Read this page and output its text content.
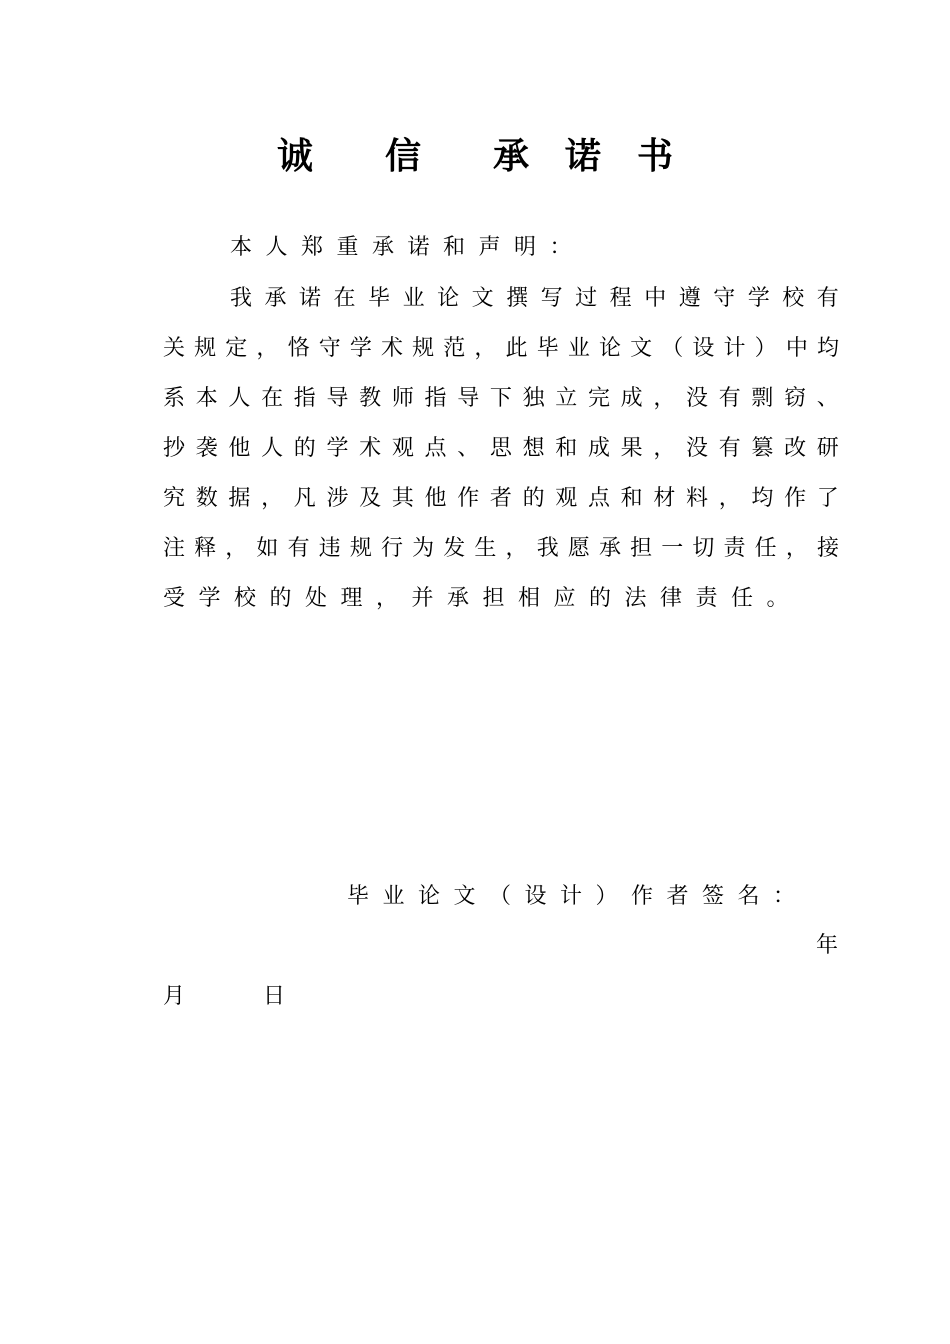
诚　　信　　承　诺　书
本人郑重承诺和声明：
我 承 诺 在 毕 业 论 文 撰 写 过 程 中 遵 守 学 校 有
关 规 定 ， 恪 守 学 术 规 范 ， 此 毕 业 论 文 （ 设 计 ） 中 均
系 本 人 在 指 导 教 师 指 导 下 独 立 完 成 ， 没 有 剽 窃 、
抄 袭 他 人 的 学 术 观 点 、 思 想 和 成 果 ， 没 有 篡 改 研
究 数 据 ， 凡 涉 及 其 他 作 者 的 观 点 和 材 料 ， 均 作 了
注 释 ， 如 有 违 规 行 为 发 生 ， 我 愿 承 担 一 切 责 任 ， 接
受学校的处理，并承担相应的法律责任。
毕业论文（设计）作者签名：
年
月	日
